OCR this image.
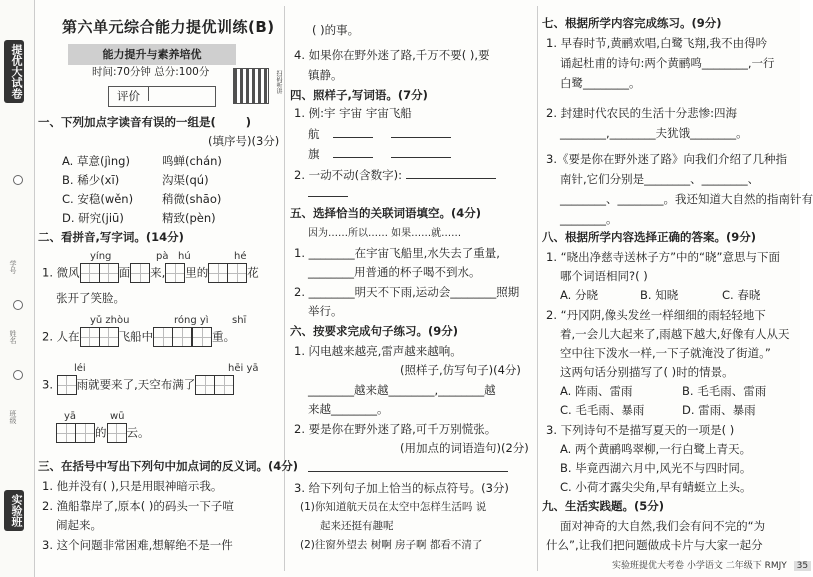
提优大试卷
学号
姓名
班级
实验班
第六单元综合能力提优训练(B)
能力提升与素养培优
时间:70分钟 总分:100分
评价
扫码听讲
一、下列加点字读音有误的一组是(	)
(填序号)(3分)
A. 草意(jìng)	鸣蝉(chán)
B. 稀少(xī)	沟渠(qú)
C. 安稳(wěn)	稍微(shāo)
D. 研究(jiū)	精致(pèn)
二、看拼音,写字词。(14分)
yíng	pà hú	hé
1. 微风	面 来, 里的	花
张开了笑脸。
yǔ zhòu	róng yì shī
2. 人在	飞船中	重。
léi	hēi yā
3. 雨就要来了,天空布满了
yā	wū
的 云。
三、在括号中写出下列句中加点词的反义词。(4分)
1. 他并没有( ),只是用眼神暗示我。
2. 渔船靠岸了,原本( )的码头一下子喧
闹起来。
3. 这个问题非常困难,想解绝不是一件
( )的事。
4. 如果你在野外迷了路,千万不要( ),要
镇静。
四、照样子,写词语。(7分)
1. 例:宇 宇宙 宇宙飞船
航
旗
2. 一动不动(含数字):
五、选择恰当的关联词语填空。(4分)
因为……所以…… 如果……就……
1. ________在宇宙飞船里,水失去了重量,
________用普通的杯子喝不到水。
2. ________明天不下雨,运动会________照期
举行。
六、按要求完成句子练习。(9分)
1. 闪电越来越亮,雷声越来越响。
(照样子,仿写句子)(4分)
________越来越________,________越
来越________。
2. 要是你在野外迷了路,可千万别慌张。
(用加点的词语造句)(2分)
3. 给下列句子加上恰当的标点符号。(3分)
(1)你知道航天员在太空中怎样生活吗 说
起来还挺有趣呢
(2)往窗外望去 树啊 房子啊 都看不清了
七、根据所学内容完成练习。(9分)
1. 早春时节,黄鹂欢唱,白鹭飞翔,我不由得吟
诵起杜甫的诗句:两个黄鹂鸣________,一行
白鹭________。
2. 封建时代农民的生活十分悲惨:四海
________,________夫犹饿________。
3.《要是你在野外迷了路》向我们介绍了几种指
南针,它们分别是________、________、
________、________。我还知道大自然的指南针有
________。
八、根据所学内容选择正确的答案。(9分)
1. “晓出净慈寺送林子方”中的“晓”意思与下面
哪个词语相同?( )
A. 分晓	B. 知晓	C. 春晓
2. “丹冈阴,像头发丝一样细细的雨轻轻地下
着,一会儿大起来了,雨越下越大,好像有人从天
空中往下泼水一样,一下子就淹没了街道。”
这两句话分别描写了( )时的情景。
A. 阵雨、雷雨	B. 毛毛雨、雷雨
C. 毛毛雨、暴雨	D. 雷雨、暴雨
3. 下列诗句不是描写夏天的一项是( )
A. 两个黄鹂鸣翠柳,一行白鹭上青天。
B. 毕竟西湖六月中,风光不与四时同。
C. 小荷才露尖尖角,早有蜻蜓立上头。
九、生活实践题。(5分)
面对神奇的大自然,我们会有问不完的“为
什么”,让我们把问题做成卡片与大家一起分
实验班提优大考卷 小学语文 二年级下 RMJY 35
